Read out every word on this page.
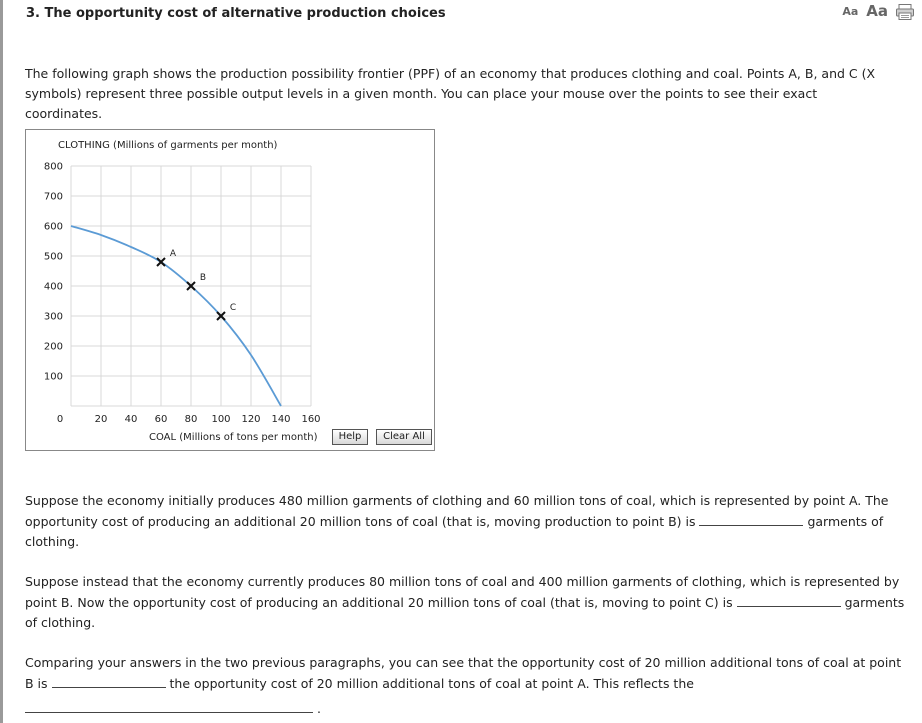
3. The opportunity cost of alternative production choices	Aa Aa
The following graph shows the production possibility frontier (PPF) of an economy that produces clothing and coal. Points A, B, and C (X symbols) represent three possible output levels in a given month. You can place your mouse over the points to see their exact coordinates.
0	20 40 60 80 100 120 140 160
100
200
300
400
500
600
700
800
CLOTHING (Millions of garments per month)
COAL (Millions of tons per month)
A
B
C
Help	Clear All
Suppose the economy initially produces 480 million garments of clothing and 60 million tons of coal, which is represented by point A. The opportunity cost of producing an additional 20 million tons of coal (that is, moving production to point B) is	garments of clothing.
Suppose instead that the economy currently produces 80 million tons of coal and 400 million garments of clothing, which is represented by point B. Now the opportunity cost of producing an additional 20 million tons of coal (that is, moving to point C) is	garments of clothing.
Comparing your answers in the two previous paragraphs, you can see that the opportunity cost of 20 million additional tons of coal at point B is	the opportunity cost of 20 million additional tons of coal at point A. This reflects the
.
